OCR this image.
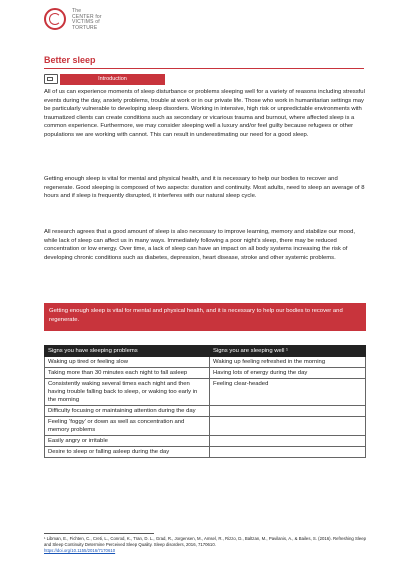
The
CENTER for
VICTIMS of
TORTURE
Better sleep
Introduction

All of us can experience moments of sleep disturbance or problems sleeping well for a variety of reasons including stressful events during the day, anxiety problems, trouble at work or in our private life. Those who work in humanitarian settings may be particularly vulnerable to developing sleep disorders. Working in intensive, high risk or unpredictable environments with traumatized clients can create conditions such as secondary or vicarious trauma and burnout, where affected sleep is a common experience. Furthermore, we may consider sleeping well a luxury and/or feel guilty because refugees or other populations we are working with cannot. This can result in underestimating our need for a good sleep.

Getting enough sleep is vital for mental and physical health, and it is necessary to help our bodies to recover and regenerate. Good sleeping is composed of two aspects: duration and continuity. Most adults, need to sleep an average of 8 hours and if sleep is frequently disrupted, it interferes with our natural sleep cycle.

All research agrees that a good amount of sleep is also necessary to improve learning, memory and stabilize our mood, while lack of sleep can affect us in many ways. Immediately following a poor night’s sleep, there may be reduced concentration or low energy. Over time, a lack of sleep can have an impact on all body systems increasing the risk of developing chronic conditions such as diabetes, depression, heart disease, stroke and other systemic problems.

Getting enough sleep is vital for mental and physical health, and it is necessary to help our bodies to recover and regenerate.
Signs you have sleeping problems	Signs you are sleeping well ¹
Waking up tired or feeling slow	Waking up feeling refreshed in the morning
Taking more than 30 minutes each night to fall asleep	Having lots of energy during the day
Consistently waking several times each night and then having trouble falling back to sleep, or waking too early in the morning	Feeling clear-headed
Difficulty focusing or maintaining attention during the day	
Feeling ‘foggy’ or down as well as concentration and memory problems	
Easily angry or irritable	
Desire to sleep or falling asleep during the day	
¹ Libman, E., Fichten, C., Creti, L., Conrod, K., Tran, D. L., Grad, R., Jorgensen, M., Amsel, R., Rizzo, D., Baltzan, M., Pavilanis, A., & Bailes, S. (2016). Refreshing Sleep and Sleep Continuity Determine Perceived Sleep Quality. Sleep disorders, 2016, 7170610.
https://doi.org/10.1155/2016/7170610
